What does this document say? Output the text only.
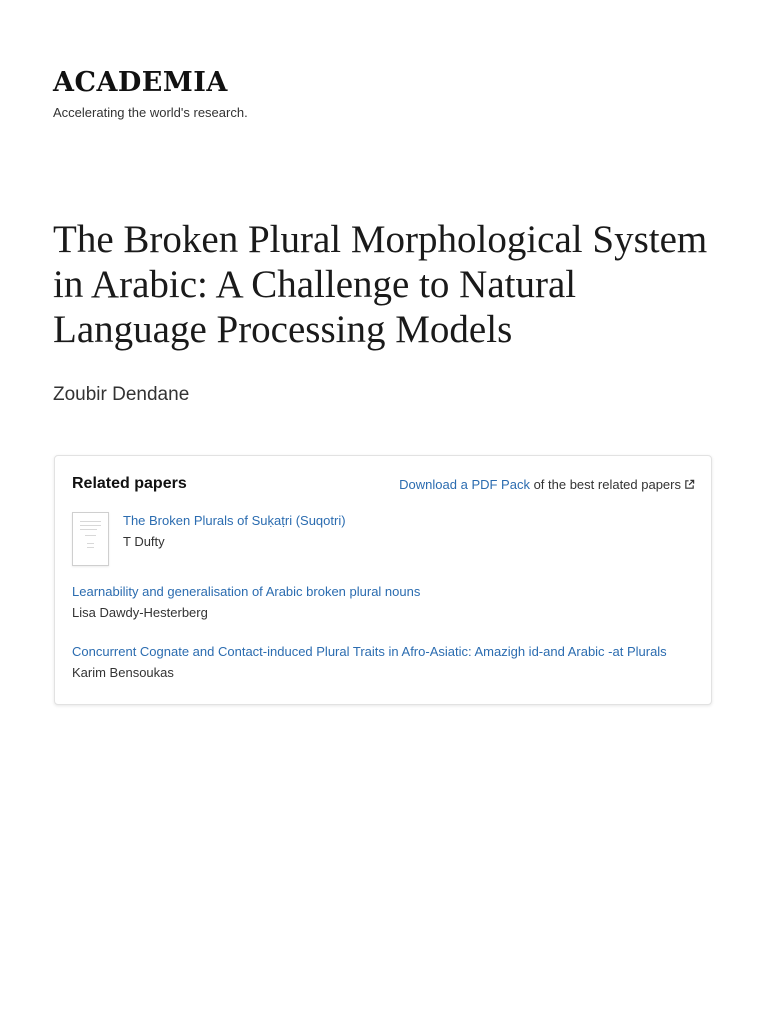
ACADEMIA
Accelerating the world's research.
The Broken Plural Morphological System in Arabic: A Challenge to Natural Language Processing Models
Zoubir Dendane
Related papers	Download a PDF Pack of the best related papers
The Broken Plurals of Suḳaṭri (Suqotri)
T Dufty
Learnability and generalisation of Arabic broken plural nouns
Lisa Dawdy-Hesterberg
Concurrent Cognate and Contact-induced Plural Traits in Afro-Asiatic: Amazigh id-and Arabic -at Plurals
Karim Bensoukas
